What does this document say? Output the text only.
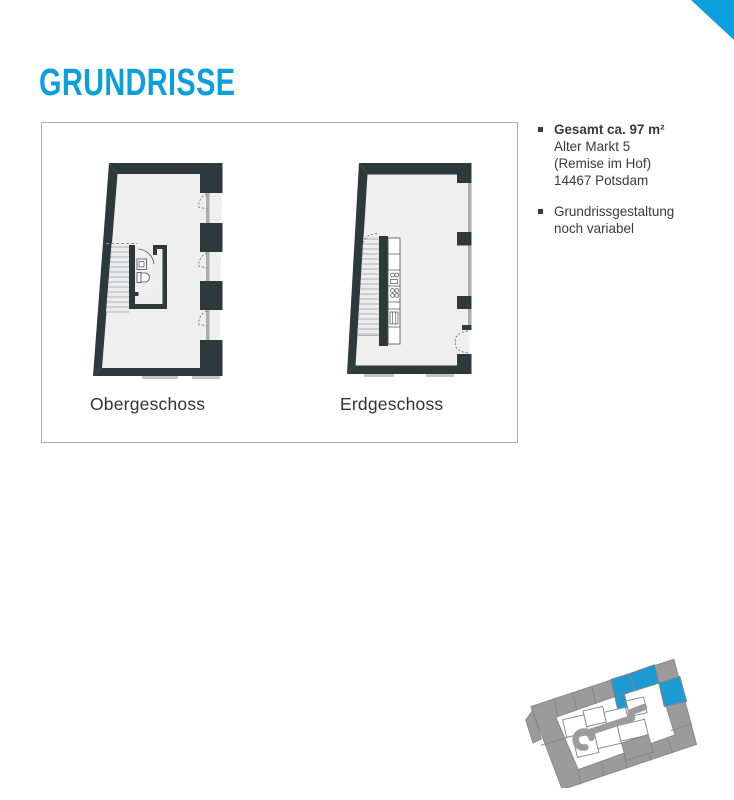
GRUNDRISSE
Obergeschoss	Erdgeschoss
Gesamt ca. 97 m²
Alter Markt 5
(Remise im Hof)
14467 Potsdam
Grundrissgestaltung
noch variabel
